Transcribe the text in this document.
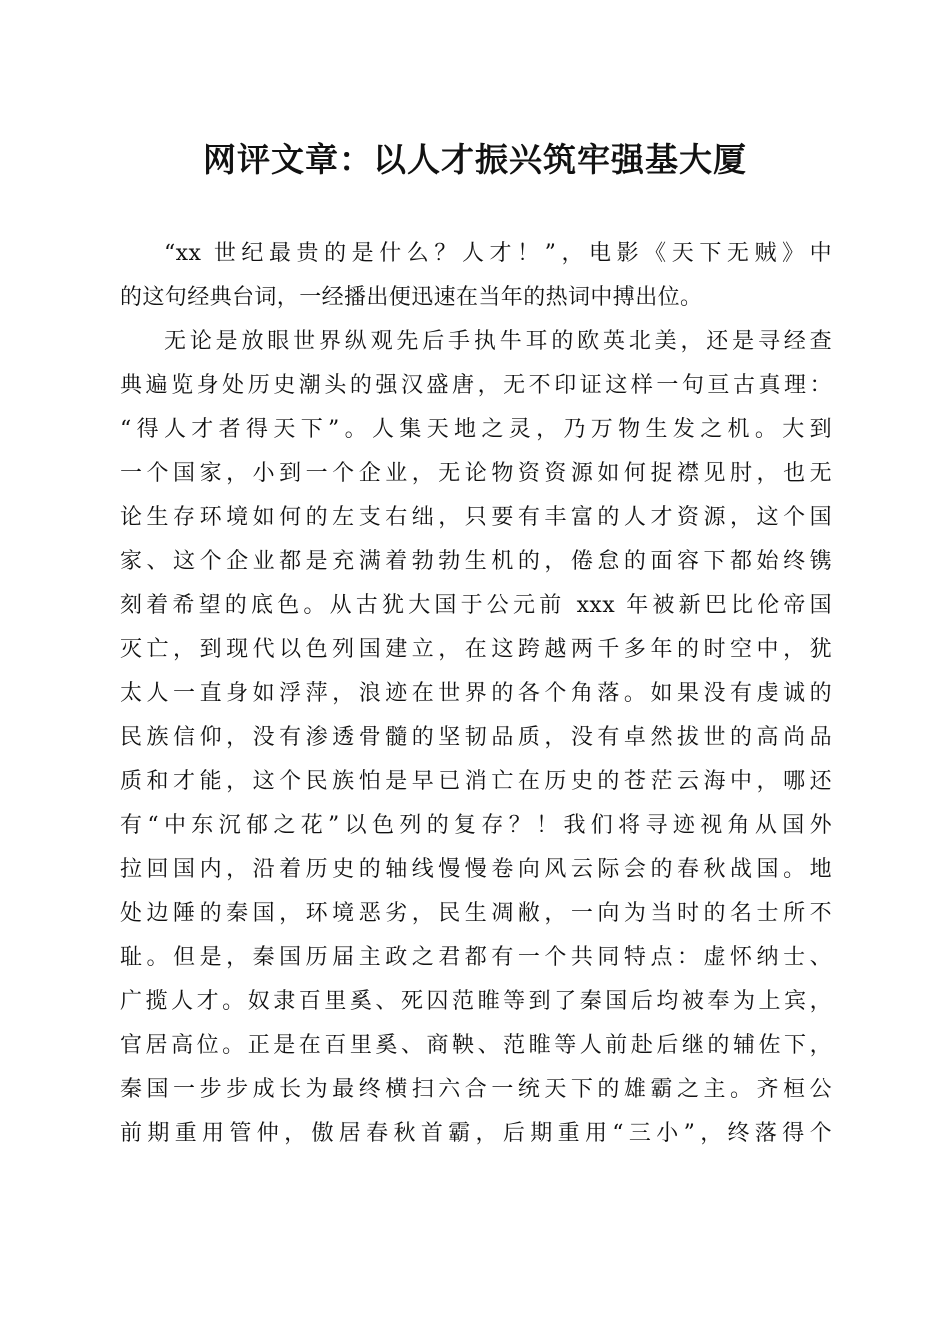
网评文章：以人才振兴筑牢强基大厦
“xx 世纪最贵的是什么？人才！”，电影《天下无贼》中
的这句经典台词，一经播出便迅速在当年的热词中搏出位。
无论是放眼世界纵观先后手执牛耳的欧英北美，还是寻经查
典遍览身处历史潮头的强汉盛唐，无不印证这样一句亘古真理：
“得人才者得天下”。人集天地之灵，乃万物生发之机。大到
一个国家，小到一个企业，无论物资资源如何捉襟见肘，也无
论生存环境如何的左支右绌，只要有丰富的人才资源，这个国
家、这个企业都是充满着勃勃生机的，倦怠的面容下都始终镌
刻着希望的底色。从古犹大国于公元前 xxx 年被新巴比伦帝国
灭亡，到现代以色列国建立，在这跨越两千多年的时空中，犹
太人一直身如浮萍，浪迹在世界的各个角落。如果没有虔诚的
民族信仰，没有渗透骨髓的坚韧品质，没有卓然拔世的高尚品
质和才能，这个民族怕是早已消亡在历史的苍茫云海中，哪还
有“中东沉郁之花”以色列的复存？！我们将寻迹视角从国外
拉回国内，沿着历史的轴线慢慢卷向风云际会的春秋战国。地
处边陲的秦国，环境恶劣，民生凋敝，一向为当时的名士所不
耻。但是，秦国历届主政之君都有一个共同特点：虚怀纳士、
广揽人才。奴隶百里奚、死囚范睢等到了秦国后均被奉为上宾，
官居高位。正是在百里奚、商鞅、范睢等人前赴后继的辅佐下，
秦国一步步成长为最终横扫六合一统天下的雄霸之主。齐桓公
前期重用管仲，傲居春秋首霸，后期重用“三小”，终落得个
